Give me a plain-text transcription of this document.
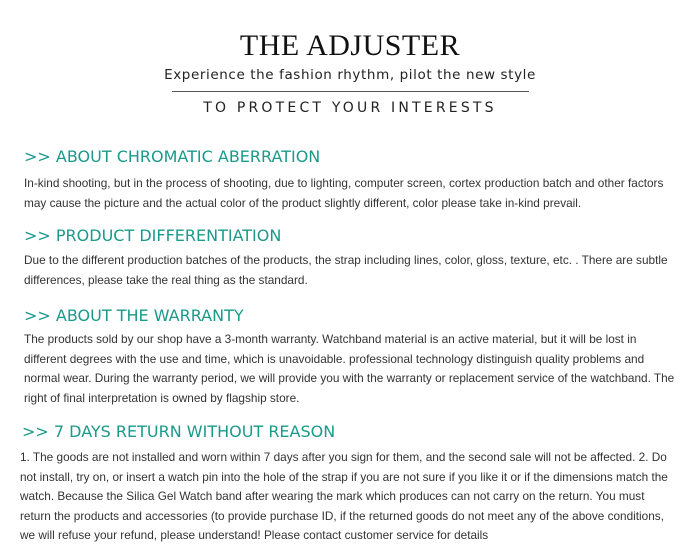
THE ADJUSTER
Experience the fashion rhythm, pilot the new style
TO PROTECT YOUR INTERESTS
>> ABOUT CHROMATIC ABERRATION
In-kind shooting, but in the process of shooting, due to lighting, computer screen, cortex production batch and other factors may cause the picture and the actual color of the product slightly different, color please take in-kind prevail.
>> PRODUCT DIFFERENTIATION
Due to the different production batches of the products, the strap including lines, color, gloss, texture, etc. . There are subtle differences, please take the real thing as the standard.
>> ABOUT THE WARRANTY
The products sold by our shop have a 3-month warranty. Watchband material is an active material, but it will be lost in different degrees with the use and time, which is unavoidable. professional technology distinguish quality problems and normal wear. During the warranty period, we will provide you with the warranty or replacement service of the watchband. The right of final interpretation is owned by flagship store.
>> 7 DAYS RETURN WITHOUT REASON
1. The goods are not installed and worn within 7 days after you sign for them, and the second sale will not be affected. 2. Do not install, try on, or insert a watch pin into the hole of the strap if you are not sure if you like it or if the dimensions match the watch. Because the Silica Gel Watch band after wearing the mark which produces can not carry on the return. You must return the products and accessories (to provide purchase ID, if the returned goods do not meet any of the above conditions, we will refuse your refund, please understand! Please contact customer service for details
